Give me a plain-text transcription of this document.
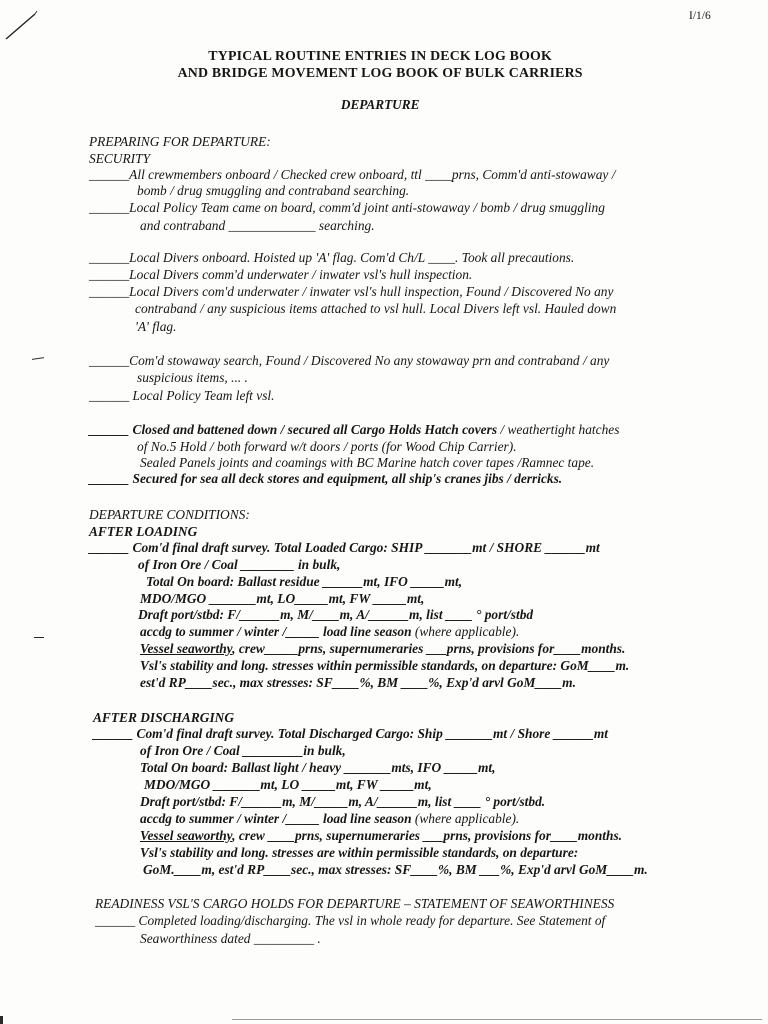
I/1/6
TYPICAL ROUTINE ENTRIES IN DECK LOG BOOK
AND BRIDGE MOVEMENT LOG BOOK OF BULK CARRIERS
DEPARTURE
PREPARING FOR DEPARTURE:
SECURITY
______All crewmembers onboard / Checked crew onboard, ttl ____prns, Comm'd anti-stowaway /
bomb / drug smuggling and contraband searching.
______Local Policy Team came on board, comm'd joint anti-stowaway / bomb / drug smuggling
and contraband _____________ searching.
______Local Divers onboard. Hoisted up 'A' flag. Com'd Ch/L ____. Took all precautions.
______Local Divers comm'd underwater / inwater vsl's hull inspection.
______Local Divers com'd underwater / inwater vsl's hull inspection, Found / Discovered No any
contraband / any suspicious items attached to vsl hull. Local Divers left vsl. Hauled down
'A' flag.
______Com'd stowaway search, Found / Discovered No any stowaway prn and contraband / any
suspicious items, ... .
______ Local Policy Team left vsl.
______ Closed and battened down / secured all Cargo Holds Hatch covers / weathertight hatches
of No.5 Hold / both forward w/t doors / ports (for Wood Chip Carrier).
Sealed Panels joints and coamings with BC Marine hatch cover tapes /Ramnec tape.
______ Secured for sea all deck stores and equipment, all ship's cranes jibs / derricks.
DEPARTURE CONDITIONS:
AFTER LOADING
______ Com'd final draft survey. Total Loaded Cargo: SHIP _______mt / SHORE ______mt
of Iron Ore / Coal ________ in bulk,
Total On board: Ballast residue ______mt, IFO _____mt,
MDO/MGO _______mt, LO_____mt, FW _____mt,
Draft port/stbd: F/______m, M/____m, A/______m, list ____ ° port/stbd
accdg to summer / winter /_____ load line season (where applicable).
Vessel seaworthy, crew_____prns, supernumeraries ___prns, provisions for____months.
Vsl's stability and long. stresses within permissible standards, on departure: GoM____m.
est'd RP____sec., max stresses: SF____%, BM ____%, Exp'd arvl GoM____m.
AFTER DISCHARGING
______ Com'd final draft survey. Total Discharged Cargo: Ship _______mt / Shore ______mt
of Iron Ore / Coal _________in bulk,
Total On board: Ballast light / heavy _______mts, IFO _____mt,
MDO/MGO _______mt, LO _____mt, FW _____mt,
Draft port/stbd: F/______m, M/_____m, A/______m, list ____ ° port/stbd.
accdg to summer / winter /_____ load line season (where applicable).
Vessel seaworthy, crew ____prns, supernumeraries ___prns, provisions for____months.
Vsl's stability and long. stresses are within permissible standards, on departure:
GoM.____m, est'd RP____sec., max stresses: SF____%, BM ___%, Exp'd arvl GoM____m.
READINESS VSL'S CARGO HOLDS FOR DEPARTURE – STATEMENT OF SEAWORTHINESS
______ Completed loading/discharging. The vsl in whole ready for departure. See Statement of
Seaworthiness dated _________ .
